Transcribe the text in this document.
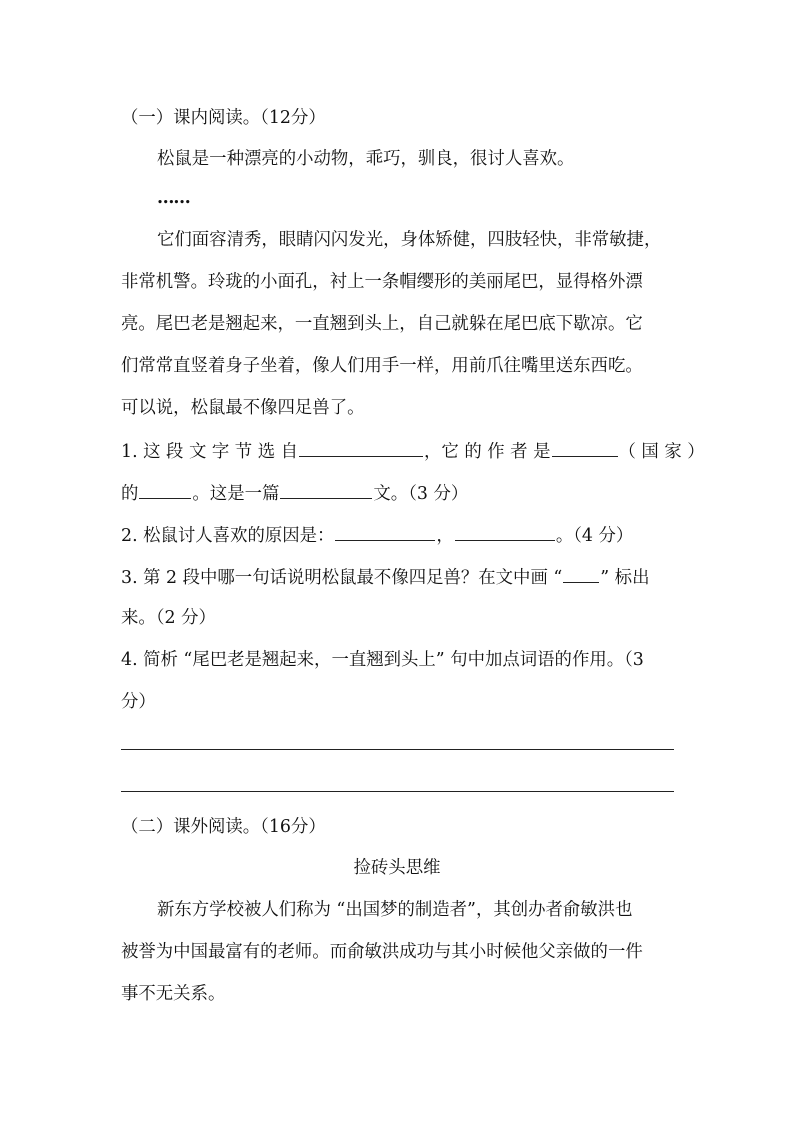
（一）课内阅读。（12分）
松鼠是一种漂亮的小动物，乖巧，驯良，很讨人喜欢。
……
它们面容清秀，眼睛闪闪发光，身体矫健，四肢轻快，非常敏捷，
非常机警。玲珑的小面孔，衬上一条帽缨形的美丽尾巴，显得格外漂
亮。尾巴老是翘起来，一直翘到头上，自己就躲在尾巴底下歇凉。它
们常常直竖着身子坐着，像人们用手一样，用前爪往嘴里送东西吃。
可以说，松鼠最不像四足兽了。
1. 这 段 文 字 节 选 自	，它 的 作 者 是	（ 国 家 ）
的	。这是一篇	文。（3 分）
2. 松鼠讨人喜欢的原因是：	，	。（4 分）
3. 第 2 段中哪一句话说明松鼠最不像四足兽？在文中画 “ ” 标出
来。（2 分）
4. 简析 “尾巴老是翘起来，一直翘到头上” 句中加点词语的作用。（3
分）
（二）课外阅读。（16分）
捡砖头思维
新东方学校被人们称为 “出国梦的制造者”，其创办者俞敏洪也
被誉为中国最富有的老师。而俞敏洪成功与其小时候他父亲做的一件
事不无关系。
